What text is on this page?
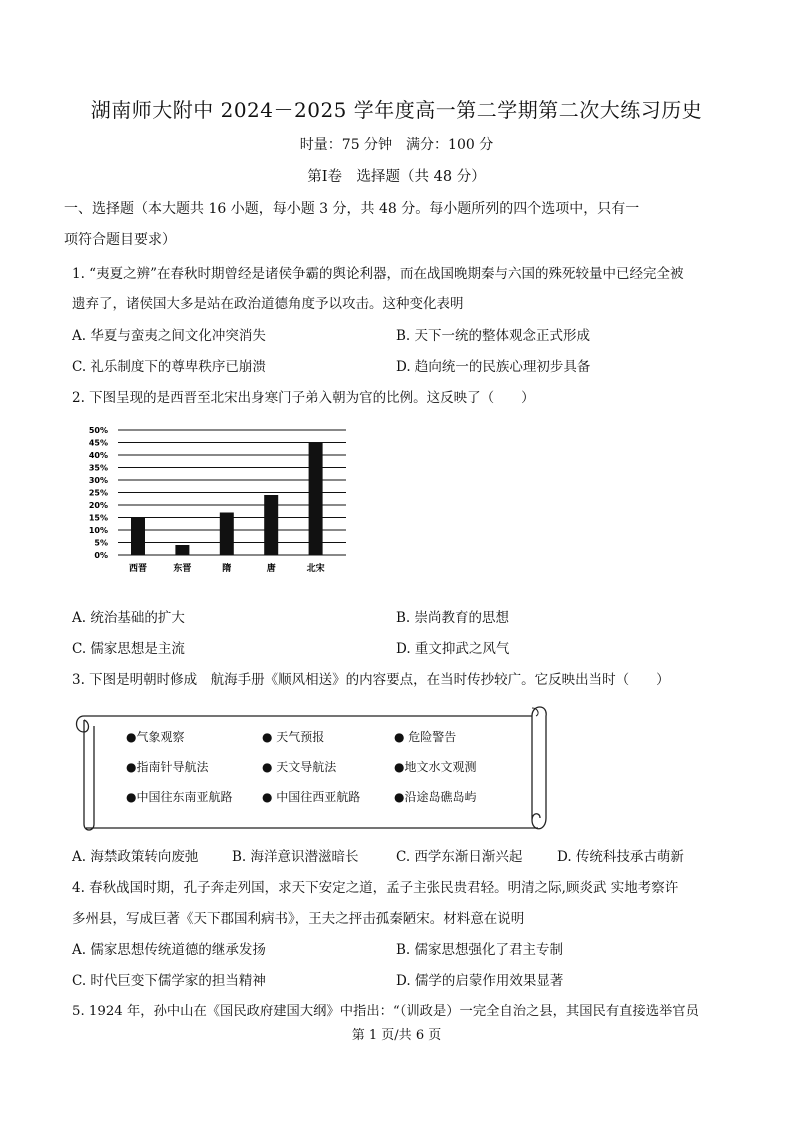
湖南师大附中 2024－2025 学年度高一第二学期第二次大练习历史
时量：75 分钟　满分：100 分
第Ⅰ卷　选择题（共 48 分）
一、选择题（本大题共 16 小题，每小题 3 分，共 48 分。每小题所列的四个选项中，只有一
项符合题目要求）
1. “夷夏之辨”在春秋时期曾经是诸侯争霸的舆论利器，而在战国晚期秦与六国的殊死较量中已经完全被
遗弃了，诸侯国大多是站在政治道德角度予以攻击。这种变化表明
A. 华夏与蛮夷之间文化冲突消失	B. 天下一统的整体观念正式形成
C. 礼乐制度下的尊卑秩序已崩溃	D. 趋向统一的民族心理初步具备
2. 下图呈现的是西晋至北宋出身寒门子弟入朝为官的比例。这反映了（　　）
0%
5%
10%
15%
20%
25%
30%
35%
40%
45%
50%
西晋	东晋	隋	唐	北宋
A. 统治基础的扩大	B. 崇尚教育的思想
C. 儒家思想是主流	D. 重文抑武之风气
3. 下图是明朝时修成　航海手册《顺风相送》的内容要点，在当时传抄较广。它反映出当时（　　）
●气象观察	● 天气预报	● 危险警告
●指南针导航法	● 天文导航法	●地文水文观测
●中国往东南亚航路 ● 中国往西亚航路	●沿途岛礁岛屿
A. 海禁政策转向废弛 B. 海洋意识潜滋暗长	C. 西学东渐日渐兴起	D. 传统科技承古萌新
4. 春秋战国时期，孔子奔走列国，求天下安定之道，孟子主张民贵君轻。明清之际,顾炎武 实地考察许
多州县，写成巨著《天下郡国利病书》，王夫之抨击孤秦陋宋。材料意在说明
A. 儒家思想传统道德的继承发扬	B. 儒家思想强化了君主专制
C. 时代巨变下儒学家的担当精神	D. 儒学的启蒙作用效果显著
5. 1924 年，孙中山在《国民政府建国大纲》中指出：“（训政是）一完全自治之县，其国民有直接选举官员
第 1 页/共 6 页
